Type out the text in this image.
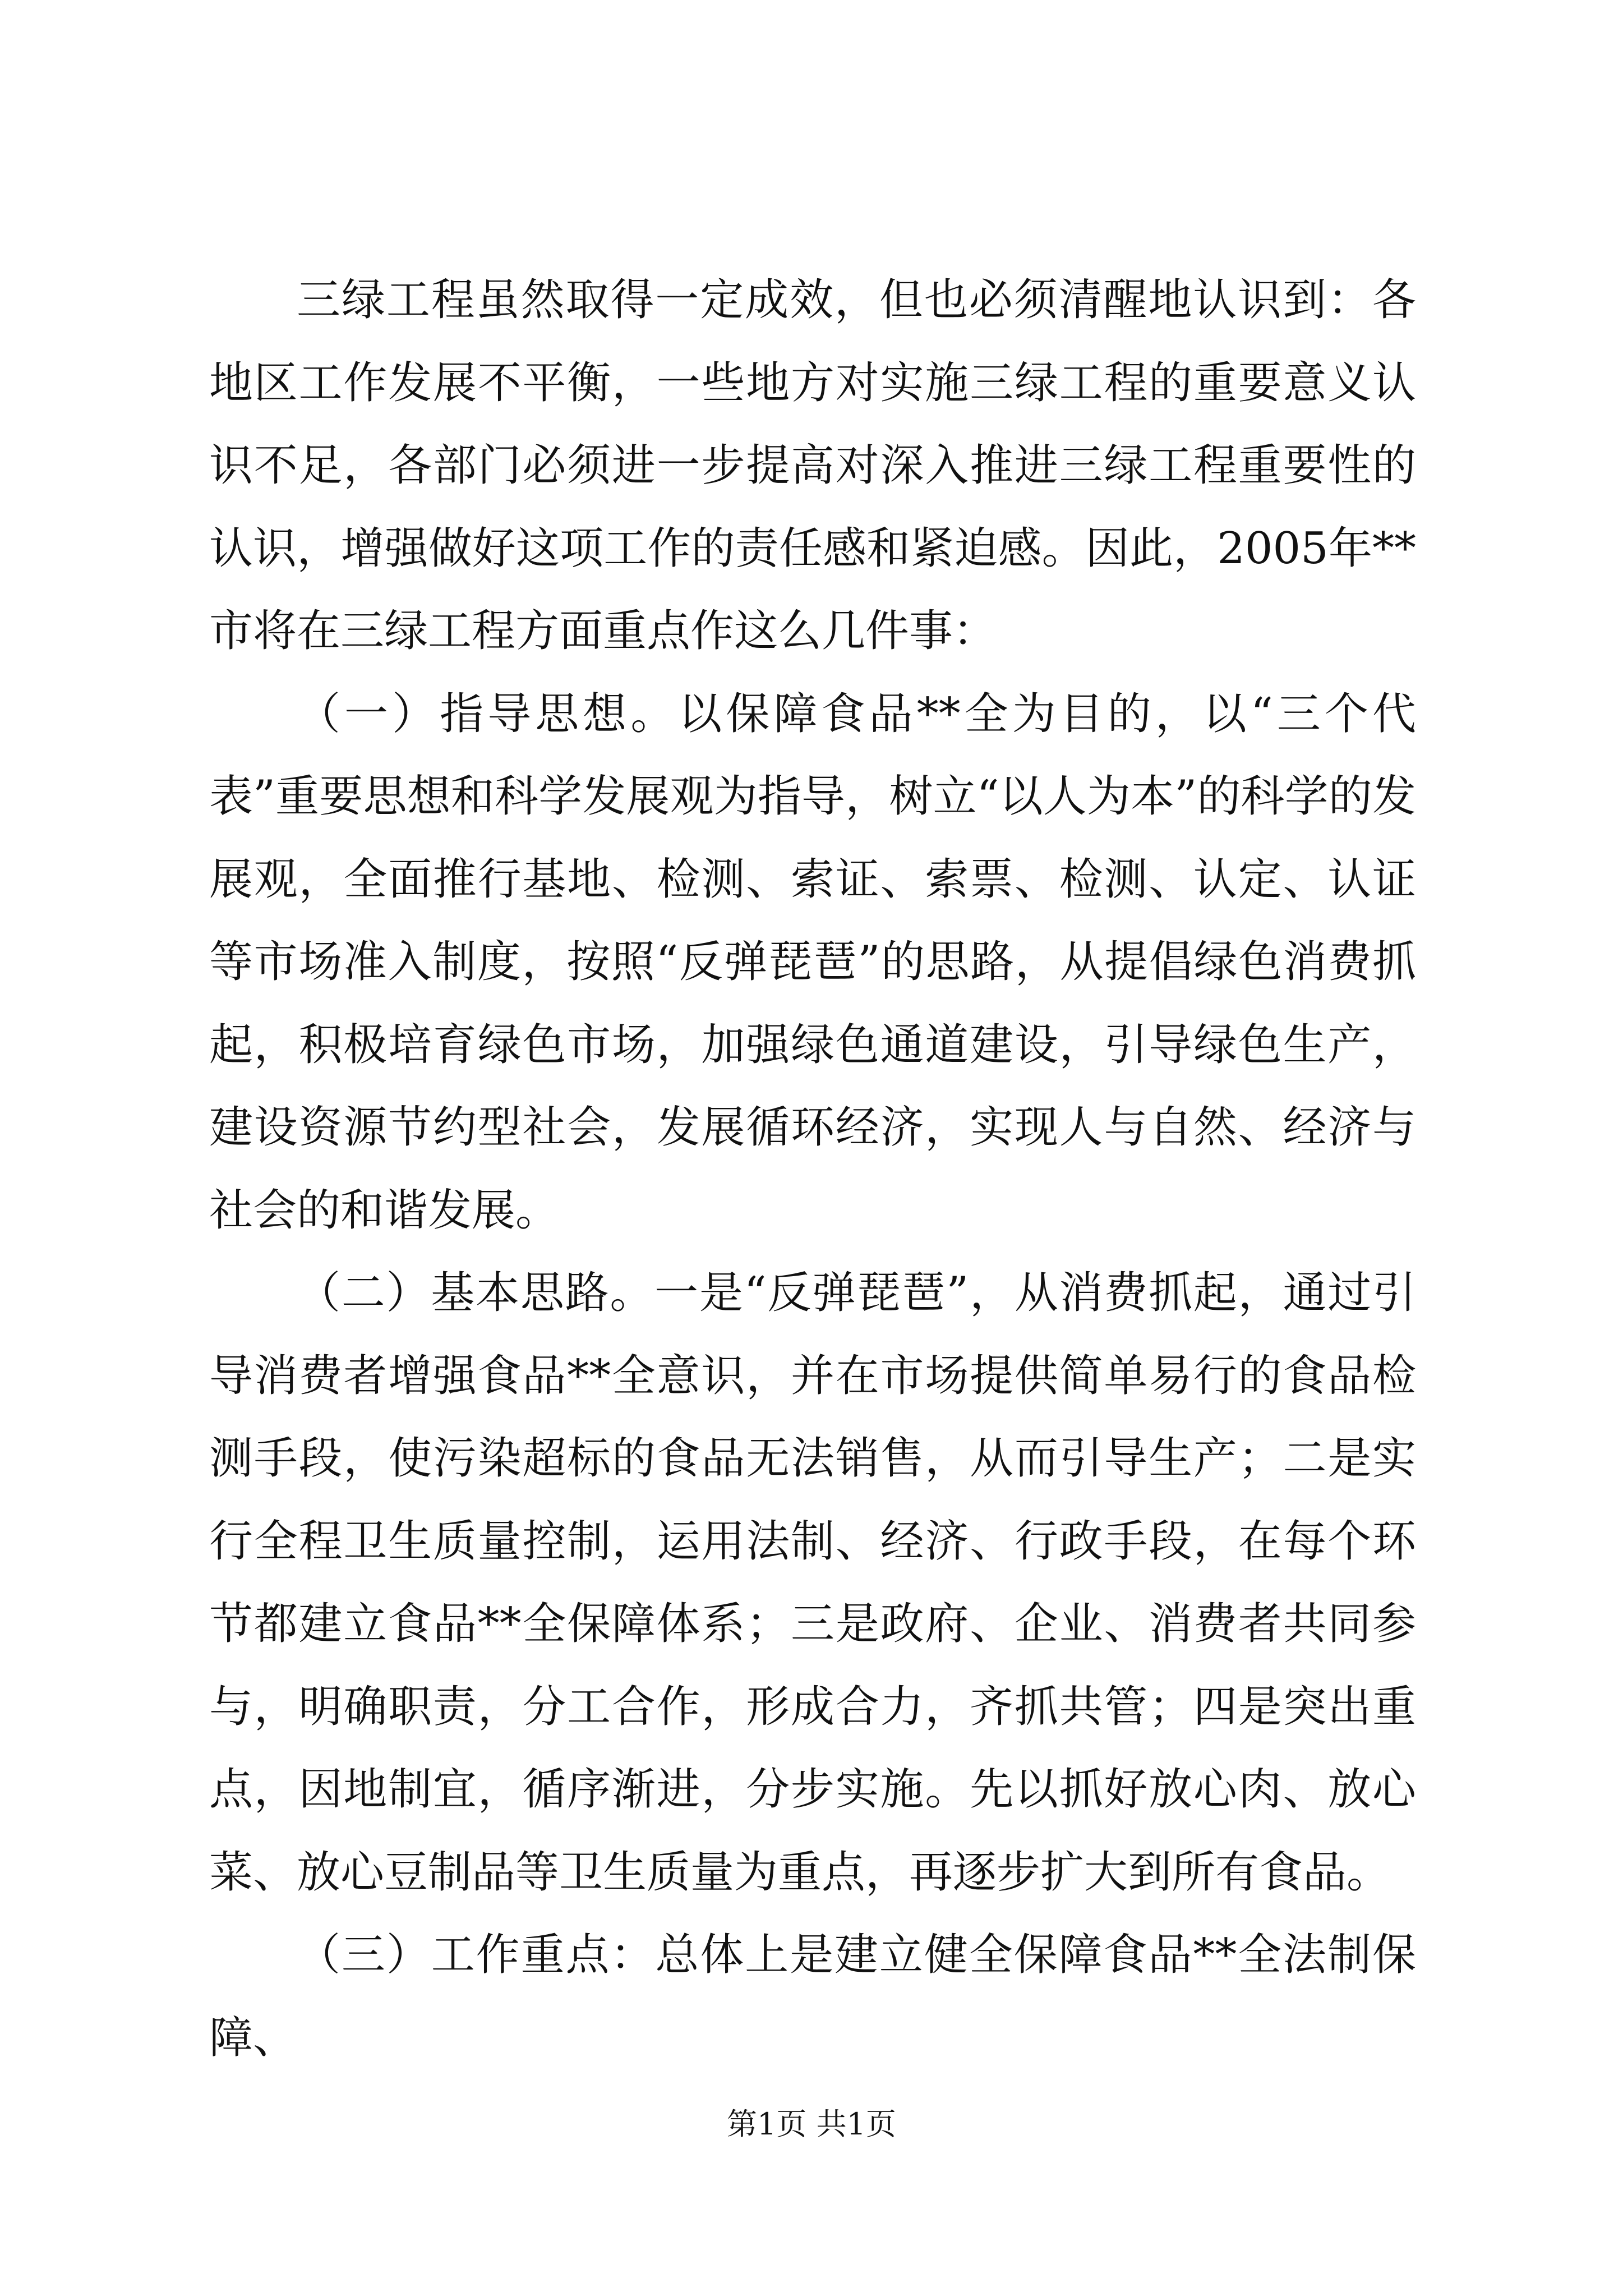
三绿工程虽然取得一定成效，但也必须清醒地认识到：各地区工作发展不平衡，一些地方对实施三绿工程的重要意义认识不足，各部门必须进一步提高对深入推进三绿工程重要性的认识，增强做好这项工作的责任感和紧迫感。因此，2005年**市将在三绿工程方面重点作这么几件事：

（一）指导思想。以保障食品**全为目的，以“三个代表”重要思想和科学发展观为指导，树立“以人为本”的科学的发展观，全面推行基地、检测、索证、索票、检测、认定、认证等市场准入制度，按照“反弹琵琶”的思路，从提倡绿色消费抓起，积极培育绿色市场，加强绿色通道建设，引导绿色生产，建设资源节约型社会，发展循环经济，实现人与自然、经济与社会的和谐发展。

（二）基本思路。一是“反弹琵琶”，从消费抓起，通过引导消费者增强食品**全意识，并在市场提供简单易行的食品检测手段，使污染超标的食品无法销售，从而引导生产；二是实行全程卫生质量控制，运用法制、经济、行政手段，在每个环节都建立食品**全保障体系；三是政府、企业、消费者共同参与，明确职责，分工合作，形成合力，齐抓共管；四是突出重点，因地制宜，循序渐进，分步实施。先以抓好放心肉、放心菜、放心豆制品等卫生质量为重点，再逐步扩大到所有食品。

（三）工作重点：总体上是建立健全保障食品**全法制保障、

第1页 共1页
